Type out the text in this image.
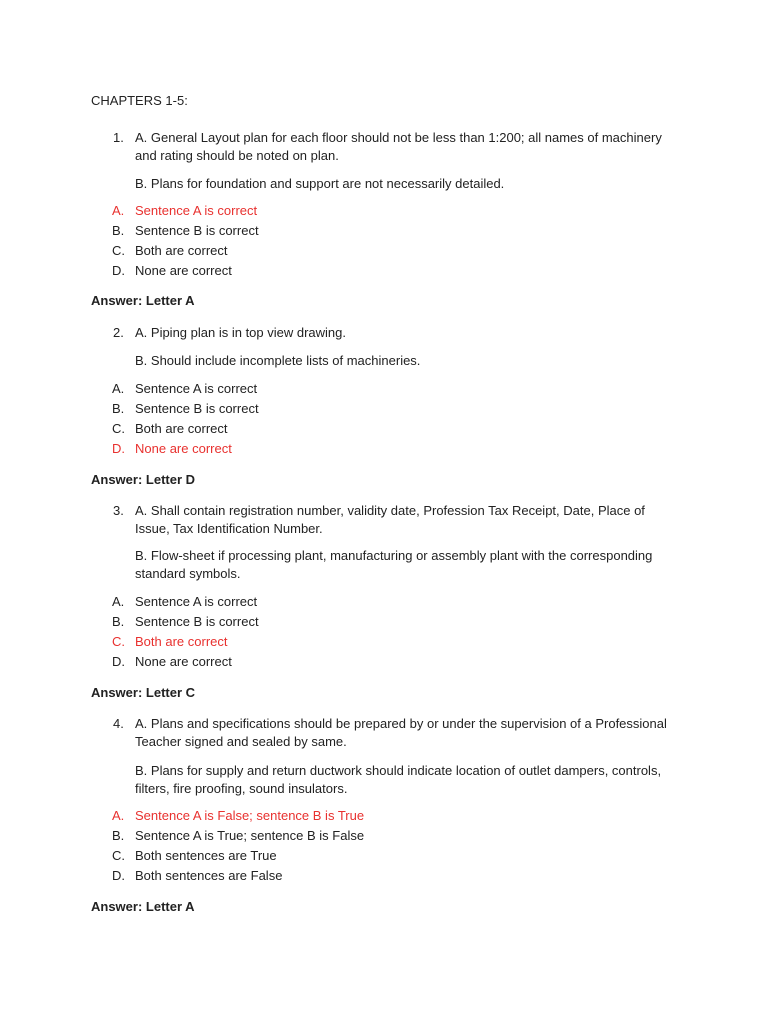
CHAPTERS 1-5:
1. A. General Layout plan for each floor should not be less than 1:200; all names of machinery and rating should be noted on plan.
B. Plans for foundation and support are not necessarily detailed.
A. Sentence A is correct
B. Sentence B is correct
C. Both are correct
D. None are correct
Answer: Letter A
2. A. Piping plan is in top view drawing.
B. Should include incomplete lists of machineries.
A. Sentence A is correct
B. Sentence B is correct
C. Both are correct
D. None are correct
Answer: Letter D
3. A. Shall contain registration number, validity date, Profession Tax Receipt, Date, Place of Issue, Tax Identification Number.
B. Flow-sheet if processing plant, manufacturing or assembly plant with the corresponding standard symbols.
A. Sentence A is correct
B. Sentence B is correct
C. Both are correct
D. None are correct
Answer: Letter C
4. A. Plans and specifications should be prepared by or under the supervision of a Professional Teacher signed and sealed by same.
B. Plans for supply and return ductwork should indicate location of outlet dampers, controls, filters, fire proofing, sound insulators.
A. Sentence A is False; sentence B is True
B. Sentence A is True; sentence B is False
C. Both sentences are True
D. Both sentences are False
Answer: Letter A
